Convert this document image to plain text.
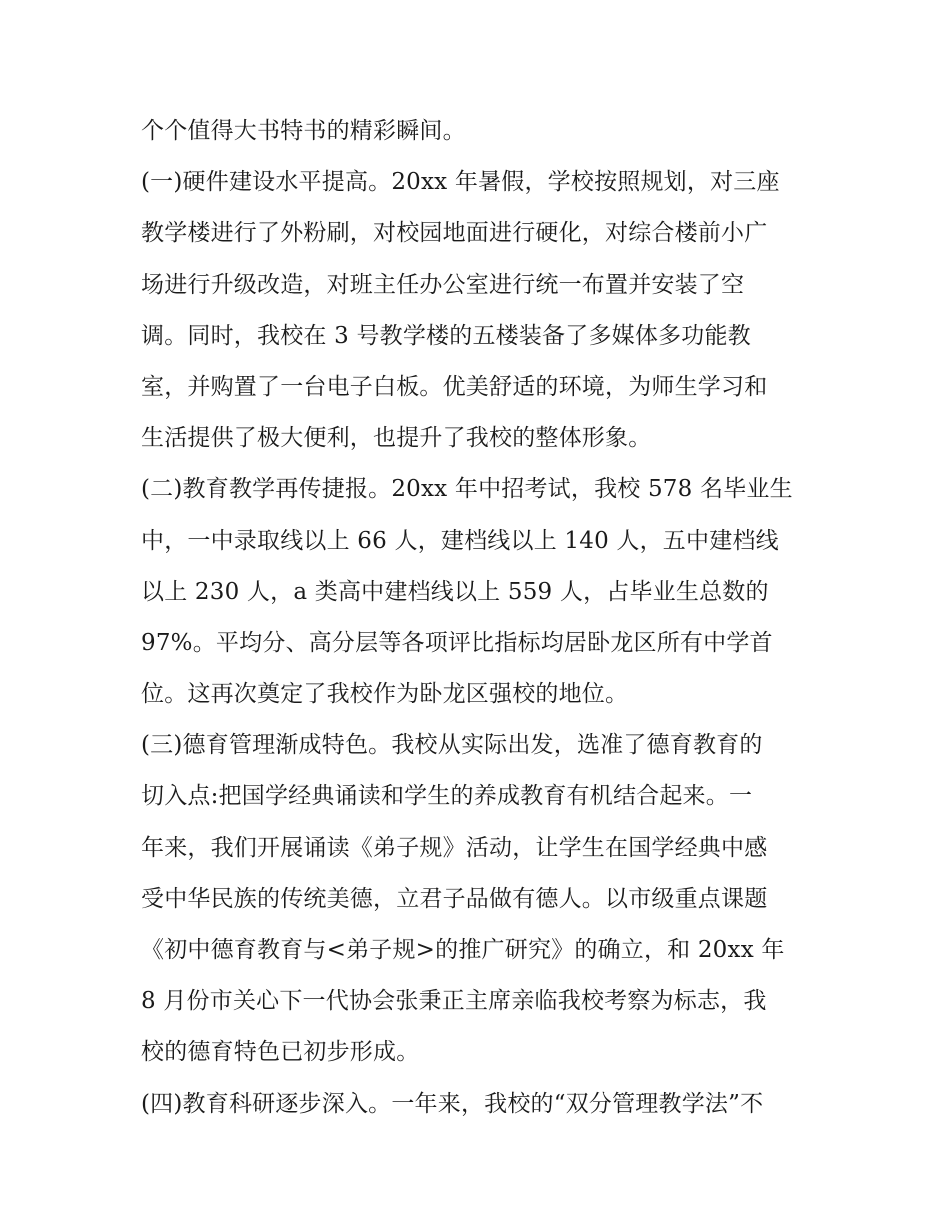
个个值得大书特书的精彩瞬间。
(一)硬件建设水平提高。20xx 年暑假，学校按照规划，对三座
教学楼进行了外粉刷，对校园地面进行硬化，对综合楼前小广
场进行升级改造，对班主任办公室进行统一布置并安装了空
调。同时，我校在 3 号教学楼的五楼装备了多媒体多功能教
室，并购置了一台电子白板。优美舒适的环境，为师生学习和
生活提供了极大便利，也提升了我校的整体形象。
(二)教育教学再传捷报。20xx 年中招考试，我校 578 名毕业生
中，一中录取线以上 66 人，建档线以上 140 人，五中建档线
以上 230 人，a 类高中建档线以上 559 人，占毕业生总数的
97%。平均分、高分层等各项评比指标均居卧龙区所有中学首
位。这再次奠定了我校作为卧龙区强校的地位。
(三)德育管理渐成特色。我校从实际出发，选准了德育教育的
切入点:把国学经典诵读和学生的养成教育有机结合起来。一
年来，我们开展诵读《弟子规》活动，让学生在国学经典中感
受中华民族的传统美德，立君子品做有德人。以市级重点课题
《初中德育教育与<弟子规>的推广研究》的确立，和 20xx 年
8 月份市关心下一代协会张秉正主席亲临我校考察为标志，我
校的德育特色已初步形成。
(四)教育科研逐步深入。一年来，我校的“双分管理教学法”不
